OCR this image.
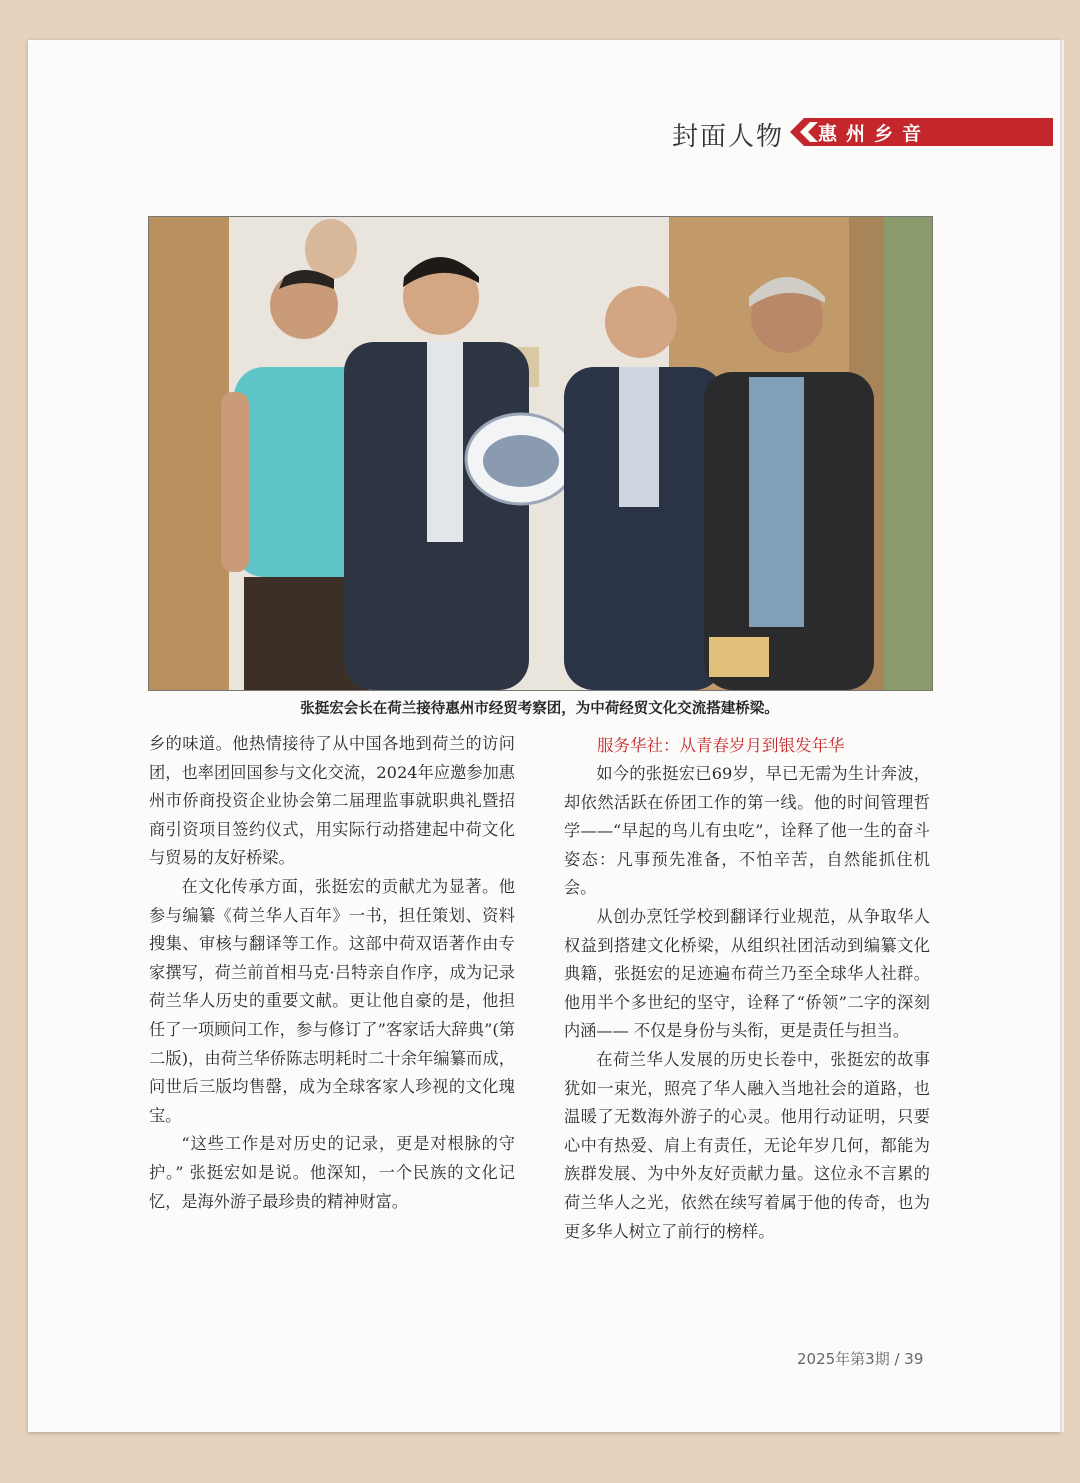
封面人物 惠州乡音
张挺宏会长在荷兰接待惠州市经贸考察团，为中荷经贸文化交流搭建桥梁。

乡的味道。他热情接待了从中国各地到荷兰的访问团，也率团回国参与文化交流，2024年应邀参加惠州市侨商投资企业协会第二届理监事就职典礼暨招商引资项目签约仪式，用实际行动搭建起中荷文化与贸易的友好桥梁。

在文化传承方面，张挺宏的贡献尤为显著。他参与编纂《荷兰华人百年》一书，担任策划、资料搜集、审核与翻译等工作。这部中荷双语著作由专家撰写，荷兰前首相马克·吕特亲自作序，成为记录荷兰华人历史的重要文献。更让他自豪的是，他担任了一项顾问工作，参与修订了”客家话大辞典”(第二版)，由荷兰华侨陈志明耗时二十余年编纂而成，问世后三版均售罄，成为全球客家人珍视的文化瑰宝。

“这些工作是对历史的记录，更是对根脉的守护。” 张挺宏如是说。他深知，一个民族的文化记忆，是海外游子最珍贵的精神财富。

服务华社：从青春岁月到银发年华

如今的张挺宏已69岁，早已无需为生计奔波，却依然活跃在侨团工作的第一线。他的时间管理哲学——“早起的鸟儿有虫吃”，诠释了他一生的奋斗姿态：凡事预先准备，不怕辛苦，自然能抓住机会。

从创办烹饪学校到翻译行业规范，从争取华人权益到搭建文化桥梁，从组织社团活动到编纂文化典籍，张挺宏的足迹遍布荷兰乃至全球华人社群。他用半个多世纪的坚守，诠释了“侨领”二字的深刻内涵—— 不仅是身份与头衔，更是责任与担当。

在荷兰华人发展的历史长卷中，张挺宏的故事犹如一束光，照亮了华人融入当地社会的道路，也温暖了无数海外游子的心灵。他用行动证明，只要心中有热爱、肩上有责任，无论年岁几何，都能为族群发展、为中外友好贡献力量。这位永不言累的荷兰华人之光，依然在续写着属于他的传奇，也为更多华人树立了前行的榜样。

2025年第3期 / 39
